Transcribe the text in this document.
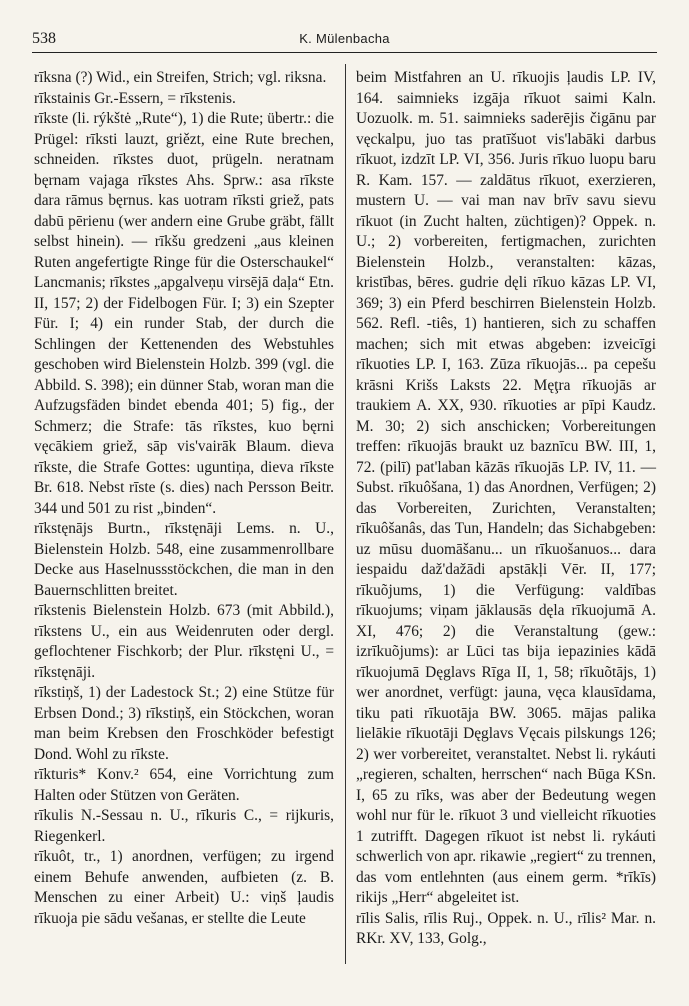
538	K. Mülenbacha

rīksna (?) Wid., ein Streifen, Strich; vgl. riksna.

rīkstainis Gr.-Essern, = rīkstenis.

rīkste (li. rýkštė „Rute“), 1) die Rute; übertr.: die Prügel: rīksti lauzt, griězt, eine Rute brechen, schneiden. rīkstes duot, prügeln. neratnam bęrnam vajaga rīkstes Ahs. Sprw.: asa rīkste dara rāmus bęrnus. kas uotram rīksti griež, pats dabū pērienu (wer andern eine Grube gräbt, fällt selbst hinein). — rīkšu gredzeni „aus kleinen Ruten angefertigte Ringe für die Osterschaukel“ Lancmanis; rīkstes „apgalveņu virsējā daļa“ Etn. II, 157; 2) der Fidelbogen Für. I; 3) ein Szepter Für. I; 4) ein runder Stab, der durch die Schlingen der Kettenenden des Webstuhles geschoben wird Bielenstein Holzb. 399 (vgl. die Abbild. S. 398); ein dünner Stab, woran man die Aufzugsfäden bindet ebenda 401; 5) fig., der Schmerz; die Strafe: tās rīkstes, kuo bęrni vęcākiem griež, sāp vis'vairāk Blaum. dieva rīkste, die Strafe Gottes: uguntiņa, dieva rīkste Br. 618. Nebst rīste (s. dies) nach Persson Beitr. 344 und 501 zu rist „binden“.

rīkstęnājs Burtn., rīkstęnāji Lems. n. U., Bielenstein Holzb. 548, eine zusammenrollbare Decke aus Haselnussstöckchen, die man in den Bauernschlitten breitet.

rīkstenis Bielenstein Holzb. 673 (mit Abbild.), rīkstens U., ein aus Weidenruten oder dergl. geflochtener Fischkorb; der Plur. rīkstęni U., = rīkstęnāji.

rīkstiņš, 1) der Ladestock St.; 2) eine Stütze für Erbsen Dond.; 3) rīkstiņš, ein Stöckchen, woran man beim Krebsen den Froschköder befestigt Dond. Wohl zu rīkste.

rīkturis* Konv.² 654, eine Vorrichtung zum Halten oder Stützen von Geräten.

rīkulis N.-Sessau n. U., rīkuris C., = rijkuris, Riegenkerl.

rīkuôt, tr., 1) anordnen, verfügen; zu irgend einem Behufe anwenden, aufbieten (z. B. Menschen zu einer Arbeit) U.: viņš ļaudis rīkuoja pie sādu vešanas, er stellte die Leute

beim Mistfahren an U. rīkuojis ļaudis LP. IV, 164. saimnieks izgāja rīkuot saimi Kaln. Uozuolk. m. 51. saimnieks saderējis čigānu par vęckalpu, juo tas pratīšuot vis'labāki darbus rīkuot, izdzīt LP. VI, 356. Juris rīkuo luopu baru R. Kam. 157. — zaldātus rīkuot, exerzieren, mustern U. — vai man nav brīv savu sievu rīkuot (in Zucht halten, züchtigen)? Oppek. n. U.; 2) vorbereiten, fertigmachen, zurichten Bielenstein Holzb., veranstalten: kāzas, kristības, bēres. gudrie dęli rīkuo kāzas LP. VI, 369; 3) ein Pferd beschirren Bielenstein Holzb. 562. Refl. -tiês, 1) hantieren, sich zu schaffen machen; sich mit etwas abgeben: izveicīgi rīkuoties LP. I, 163. Zūza rīkuojās... pa cepešu krāsni Krišs Laksts 22. Męţra rīkuojās ar traukiem A. XX, 930. rīkuoties ar pīpi Kaudz. M. 30; 2) sich anschicken; Vorbereitungen treffen: rīkuojās braukt uz baznīcu BW. III, 1, 72. (pilī) pat'laban kāzās rīkuojās LP. IV, 11. — Subst. rīkuôšana, 1) das Anordnen, Verfügen; 2) das Vorbereiten, Zurichten, Veranstalten; rīkuôšanâs, das Tun, Handeln; das Sichabgeben: uz mūsu duomāšanu... un rīkuošanuos... dara iespaidu daž'dažādi apstākļi Vēr. II, 177; rīkuõjums, 1) die Verfügung: valdības rīkuojums; viņam jāklausās dęla rīkuojumā A. XI, 476; 2) die Veranstaltung (gew.: izrīkuõjums): ar Lūci tas bija iepazinies kādā rīkuojumā Dęglavs Rīga II, 1, 58; rīkuõtājs, 1) wer anordnet, verfügt: jauna, vęca klausīdama, tiku pati rīkuotāja BW. 3065. mājas palika lielākie rīkuotāji Dęglavs Vęcais pilskungs 126; 2) wer vorbereitet, veranstaltet. Nebst li. rykáuti „regieren, schalten, herrschen“ nach Būga KSn. I, 65 zu rīks, was aber der Bedeutung wegen wohl nur für le. rīkuot 3 und vielleicht rīkuoties 1 zutrifft. Dagegen rīkuot ist nebst li. rykáuti schwerlich von apr. rikawie „regiert“ zu trennen, das vom entlehnten (aus einem germ. *rīkīs) rikijs „Herr“ abgeleitet ist.

rīlis Salis, rīlis Ruj., Oppek. n. U., rīlis² Mar. n. RKr. XV, 133, Golg.,
